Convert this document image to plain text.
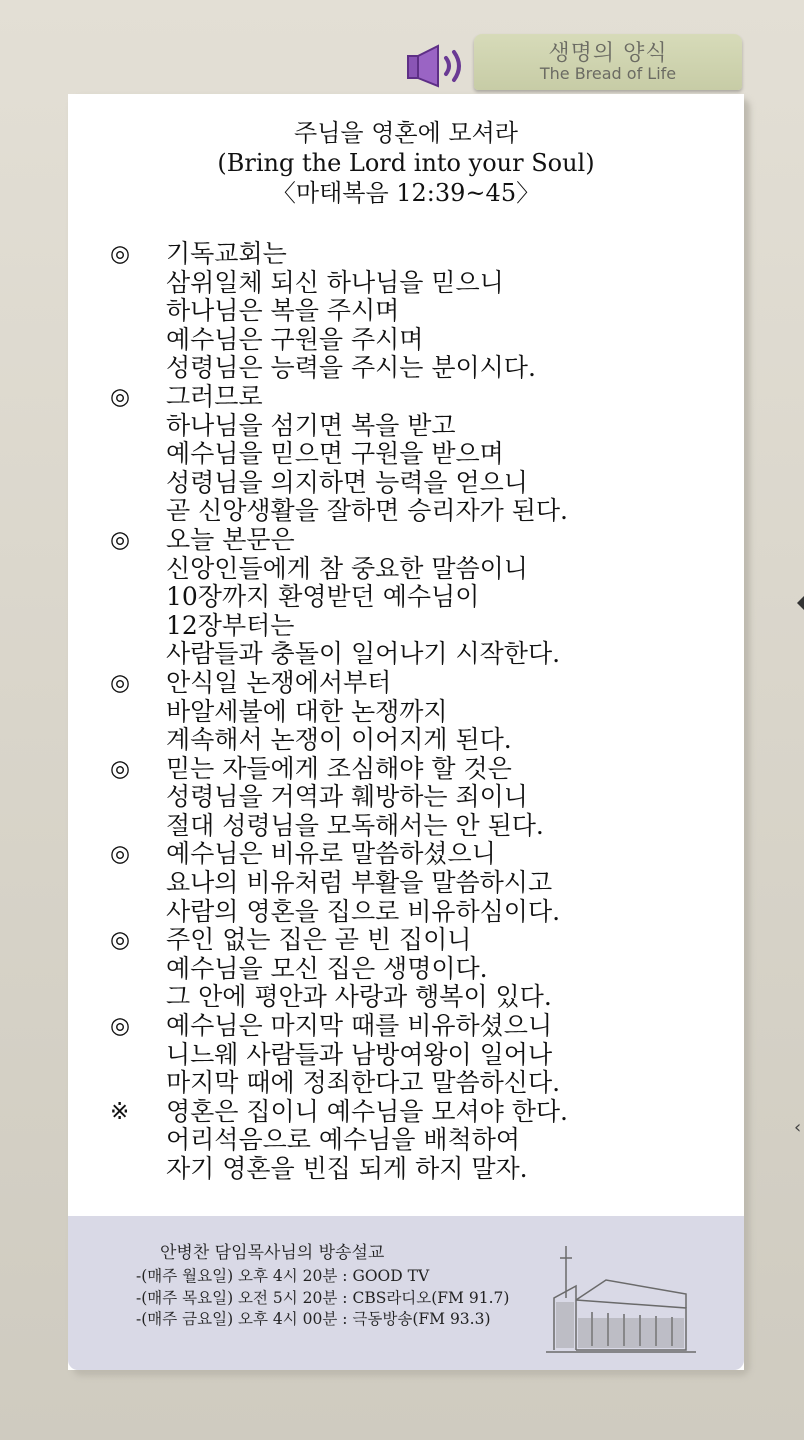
생명의 양식
The Bread of Life
주님을 영혼에 모셔라
(Bring the Lord into your Soul)
〈마태복음 12:39~45〉
◎	기독교회는
삼위일체 되신 하나님을 믿으니
하나님은 복을 주시며
예수님은 구원을 주시며
성령님은 능력을 주시는 분이시다.
◎	그러므로
하나님을 섬기면 복을 받고
예수님을 믿으면 구원을 받으며
성령님을 의지하면 능력을 얻으니
곧 신앙생활을 잘하면 승리자가 된다.
◎	오늘 본문은
신앙인들에게 참 중요한 말씀이니
10장까지 환영받던 예수님이
12장부터는
사람들과 충돌이 일어나기 시작한다.
◎	안식일 논쟁에서부터
바알세불에 대한 논쟁까지
계속해서 논쟁이 이어지게 된다.
◎	믿는 자들에게 조심해야 할 것은
성령님을 거역과 훼방하는 죄이니
절대 성령님을 모독해서는 안 된다.
◎	예수님은 비유로 말씀하셨으니
요나의 비유처럼 부활을 말씀하시고
사람의 영혼을 집으로 비유하심이다.
◎	주인 없는 집은 곧 빈 집이니
예수님을 모신 집은 생명이다.
그 안에 평안과 사랑과 행복이 있다.
◎	예수님은 마지막 때를 비유하셨으니
니느웨 사람들과 남방여왕이 일어나
마지막 때에 정죄한다고 말씀하신다.
※	영혼은 집이니 예수님을 모셔야 한다.
어리석음으로 예수님을 배척하여
자기 영혼을 빈집 되게 하지 말자.
안병찬 담임목사님의 방송설교
-(매주 월요일) 오후 4시 20분 : GOOD TV
-(매주 목요일) 오전 5시 20분 : CBS라디오(FM 91.7)
-(매주 금요일) 오후 4시 00분 : 극동방송(FM 93.3)
‹
